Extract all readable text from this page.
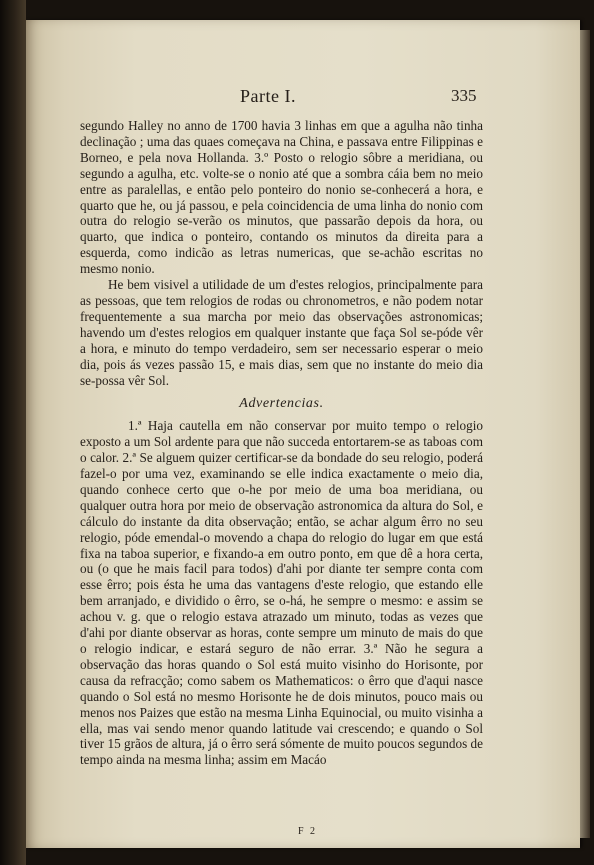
Parte I.	335

segundo Halley no anno de 1700 havia 3 linhas em que a agulha não tinha declinação ; uma das quaes começava na China, e passava entre Filippinas e Borneo, e pela nova Hollanda. 3.º Posto o relogio sôbre a meridiana, ou segundo a agulha, etc. volte-se o nonio até que a sombra cáia bem no meio entre as paralellas, e então pelo ponteiro do nonio se-conhecerá a hora, e quarto que he, ou já passou, e pela coincidencia de uma linha do nonio com outra do relogio se-verão os minutos, que passarão depois da hora, ou quarto, que indica o ponteiro, contando os minutos da direita para a esquerda, como indicão as letras numericas, que se-achão escritas no mesmo nonio.

He bem visivel a utilidade de um d'estes relogios, principalmente para as pessoas, que tem relogios de rodas ou chronometros, e não podem notar frequentemente a sua marcha por meio das observações astronomicas; havendo um d'estes relogios em qualquer instante que faça Sol se-póde vêr a hora, e minuto do tempo verdadeiro, sem ser necessario esperar o meio dia, pois ás vezes passão 15, e mais dias, sem que no instante do meio dia se-possa vêr Sol.

Advertencias.

1.ª Haja cautella em não conservar por muito tempo o relogio exposto a um Sol ardente para que não succeda entortarem-se as taboas com o calor. 2.ª Se alguem quizer certificar-se da bondade do seu relogio, poderá fazel-o por uma vez, examinando se elle indica exactamente o meio dia, quando conhece certo que o-he por meio de uma boa meridiana, ou qualquer outra hora por meio de observação astronomica da altura do Sol, e cálculo do instante da dita observação; então, se achar algum êrro no seu relogio, póde emendal-o movendo a chapa do relogio do lugar em que está fixa na taboa superior, e fixando-a em outro ponto, em que dê a hora certa, ou (o que he mais facil para todos) d'ahi por diante ter sempre conta com esse êrro; pois ésta he uma das vantagens d'este relogio, que estando elle bem arranjado, e dividido o êrro, se o-há, he sempre o mesmo: e assim se achou v. g. que o relogio estava atrazado um minuto, todas as vezes que d'ahi por diante observar as horas, conte sempre um minuto de mais do que o relogio indicar, e estará seguro de não errar. 3.ª Não he segura a observação das horas quando o Sol está muito visinho do Horisonte, por causa da refracção; como sabem os Mathematicos: o êrro que d'aqui nasce quando o Sol está no mesmo Horisonte he de dois minutos, pouco mais ou menos nos Paizes que estão na mesma Linha Equinocial, ou muito visinha a ella, mas vai sendo menor quando latitude vai crescendo; e quando o Sol tiver 15 grãos de altura, já o êrro será sómente de muito poucos segundos de tempo ainda na mesma linha; assim em Macáo

F 2
